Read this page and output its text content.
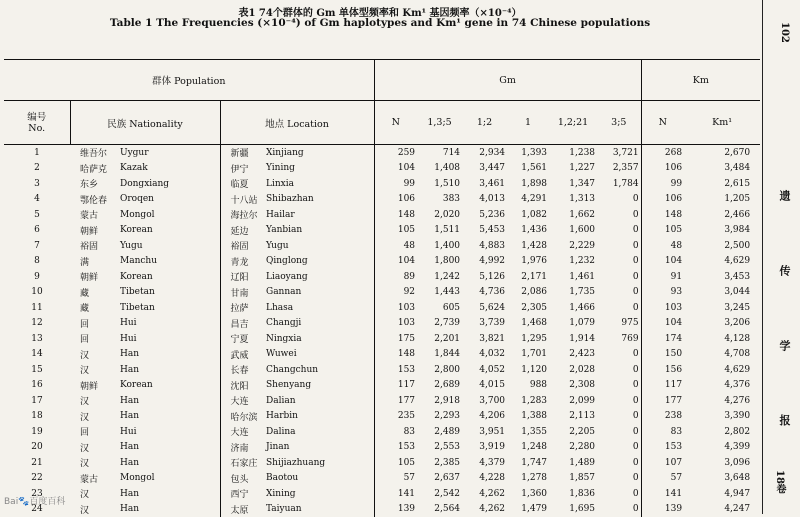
表1 74个群体的 Gm 单体型频率和 Km¹ 基因频率（×10⁻⁴）
Table 1 The Frequencies (×10⁻⁴) of Gm haplotypes and Km¹ gene in 74 Chinese populations	102
遗 传 学 报
18卷
群体 Population					Gm						Km	
编号
No.	民族 Nationality		地点 Location		N	1,3;5	1;2	1	1,2;21	3;5	N	Km¹
1	维吾尔	Uygur	新疆	Xinjiang	259	714	2,934	1,393	1,238	3,721	268	2,670
2	哈萨克	Kazak	伊宁	Yining	104	1,408	3,447	1,561	1,227	2,357	106	3,484
3	东乡	Dongxiang	临夏	Linxia	99	1,510	3,461	1,898	1,347	1,784	99	2,615
4	鄂伦春	Oroqen	十八站	Shibazhan	106	383	4,013	4,291	1,313	0	106	1,205
5	蒙古	Mongol	海拉尔	Hailar	148	2,020	5,236	1,082	1,662	0	148	2,466
6	朝鲜	Korean	延边	Yanbian	105	1,511	5,453	1,436	1,600	0	105	3,984
7	裕固	Yugu	裕固	Yugu	48	1,400	4,883	1,428	2,229	0	48	2,500
8	满	Manchu	青龙	Qinglong	104	1,800	4,992	1,976	1,232	0	104	4,629
9	朝鲜	Korean	辽阳	Liaoyang	89	1,242	5,126	2,171	1,461	0	91	3,453
10	藏	Tibetan	甘南	Gannan	92	1,443	4,736	2,086	1,735	0	93	3,044
11	藏	Tibetan	拉萨	Lhasa	103	605	5,624	2,305	1,466	0	103	3,245
12	回	Hui	昌吉	Changji	103	2,739	3,739	1,468	1,079	975	104	3,206
13	回	Hui	宁夏	Ningxia	175	2,201	3,821	1,295	1,914	769	174	4,128
14	汉	Han	武威	Wuwei	148	1,844	4,032	1,701	2,423	0	150	4,708
15	汉	Han	长春	Changchun	153	2,800	4,052	1,120	2,028	0	156	4,629
16	朝鲜	Korean	沈阳	Shenyang	117	2,689	4,015	988	2,308	0	117	4,376
17	汉	Han	大连	Dalian	177	2,918	3,700	1,283	2,099	0	177	4,276
18	汉	Han	哈尔滨	Harbin	235	2,293	4,206	1,388	2,113	0	238	3,390
19	回	Hui	大连	Dalina	83	2,489	3,951	1,355	2,205	0	83	2,802
20	汉	Han	济南	Jinan	153	2,553	3,919	1,248	2,280	0	153	4,399
21	汉	Han	石家庄	Shijiazhuang	105	2,385	4,379	1,747	1,489	0	107	3,096
22	蒙古	Mongol	包头	Baotou	57	2,637	4,228	1,278	1,857	0	57	3,648
23	汉	Han	西宁	Xining	141	2,542	4,262	1,360	1,836	0	141	4,947
24	汉	Han	太原	Taiyuan	139	2,564	4,262	1,479	1,695	0	139	4,247
Bai🐾百度百科
